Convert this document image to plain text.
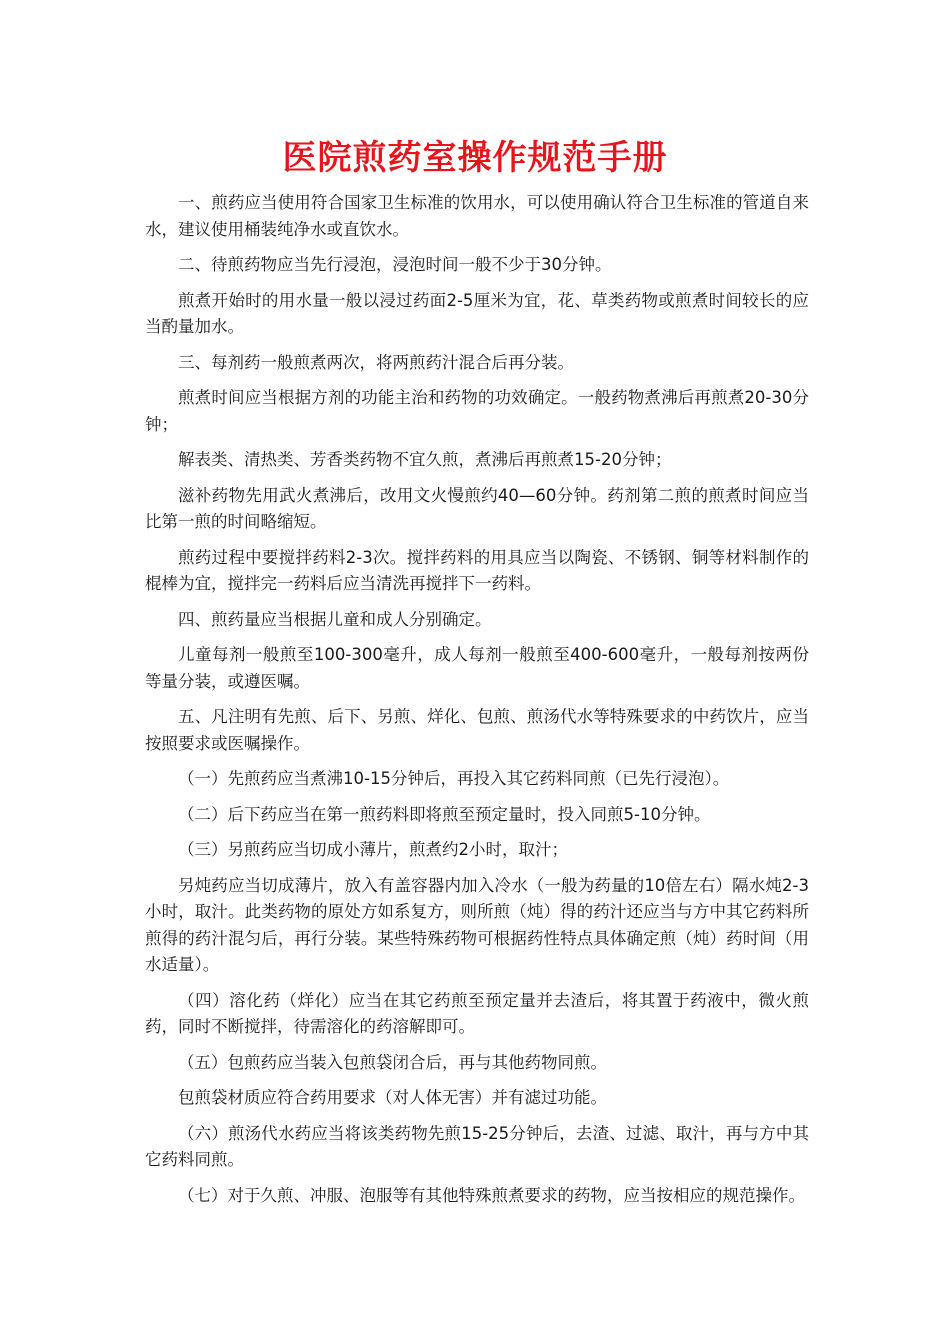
医院煎药室操作规范手册

一、煎药应当使用符合国家卫生标准的饮用水，可以使用确认符合卫生标准的管道自来水，建议使用桶装纯净水或直饮水。

二、待煎药物应当先行浸泡，浸泡时间一般不少于30分钟。

煎煮开始时的用水量一般以浸过药面2-5厘米为宜，花、草类药物或煎煮时间较长的应当酌量加水。

三、每剂药一般煎煮两次，将两煎药汁混合后再分装。

煎煮时间应当根据方剂的功能主治和药物的功效确定。一般药物煮沸后再煎煮20-30分钟；

解表类、清热类、芳香类药物不宜久煎，煮沸后再煎煮15-20分钟；

滋补药物先用武火煮沸后，改用文火慢煎约40—60分钟。药剂第二煎的煎煮时间应当比第一煎的时间略缩短。

煎药过程中要搅拌药料2-3次。搅拌药料的用具应当以陶瓷、不锈钢、铜等材料制作的棍棒为宜，搅拌完一药料后应当清洗再搅拌下一药料。

四、煎药量应当根据儿童和成人分别确定。

儿童每剂一般煎至100-300毫升，成人每剂一般煎至400-600毫升，一般每剂按两份等量分装，或遵医嘱。

五、凡注明有先煎、后下、另煎、烊化、包煎、煎汤代水等特殊要求的中药饮片，应当按照要求或医嘱操作。

（一）先煎药应当煮沸10-15分钟后，再投入其它药料同煎（已先行浸泡）。

（二）后下药应当在第一煎药料即将煎至预定量时，投入同煎5-10分钟。

（三）另煎药应当切成小薄片，煎煮约2小时，取汁；

另炖药应当切成薄片，放入有盖容器内加入冷水（一般为药量的10倍左右）隔水炖2-3小时，取汁。此类药物的原处方如系复方，则所煎（炖）得的药汁还应当与方中其它药料所煎得的药汁混匀后，再行分装。某些特殊药物可根据药性特点具体确定煎（炖）药时间（用水适量）。

（四）溶化药（烊化）应当在其它药煎至预定量并去渣后，将其置于药液中，微火煎药，同时不断搅拌，待需溶化的药溶解即可。

（五）包煎药应当装入包煎袋闭合后，再与其他药物同煎。

包煎袋材质应符合药用要求（对人体无害）并有滤过功能。

（六）煎汤代水药应当将该类药物先煎15-25分钟后，去渣、过滤、取汁，再与方中其它药料同煎。

（七）对于久煎、冲服、泡服等有其他特殊煎煮要求的药物，应当按相应的规范操作。
